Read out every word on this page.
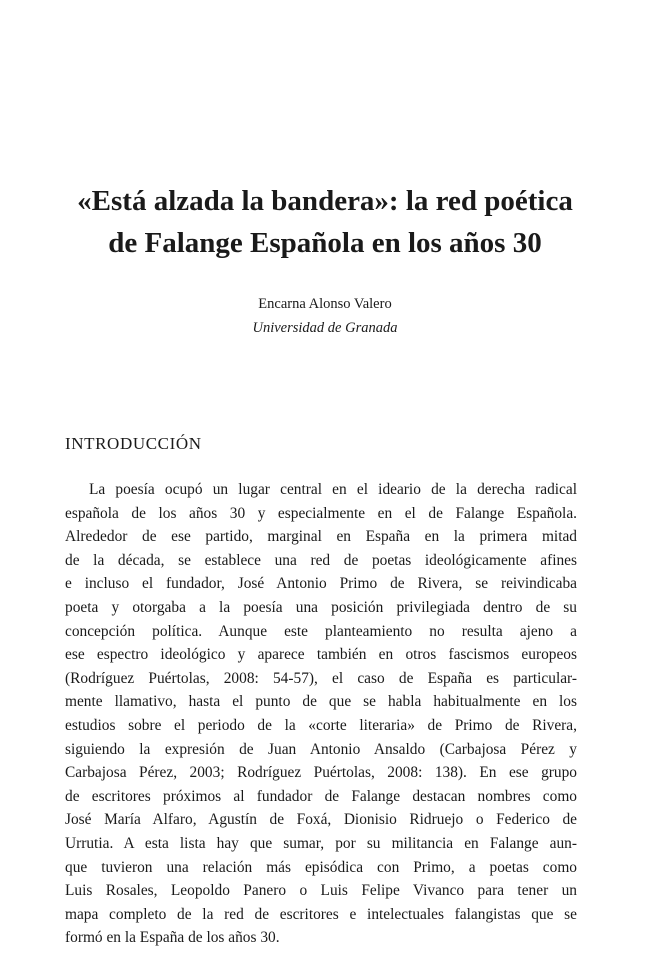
«Está alzada la bandera»: la red poética
de Falange Española en los años 30
Encarna Alonso Valero
Universidad de Granada
INTRODUCCIÓN
La poesía ocupó un lugar central en el ideario de la derecha radical
española de los años 30 y especialmente en el de Falange Española.
Alrededor de ese partido, marginal en España en la primera mitad
de la década, se establece una red de poetas ideológicamente afines
e incluso el fundador, José Antonio Primo de Rivera, se reivindicaba
poeta y otorgaba a la poesía una posición privilegiada dentro de su
concepción política. Aunque este planteamiento no resulta ajeno a
ese espectro ideológico y aparece también en otros fascismos europeos
(Rodríguez Puértolas, 2008: 54-57), el caso de España es particular-
mente llamativo, hasta el punto de que se habla habitualmente en los
estudios sobre el periodo de la «corte literaria» de Primo de Rivera,
siguiendo la expresión de Juan Antonio Ansaldo (Carbajosa Pérez y
Carbajosa Pérez, 2003; Rodríguez Puértolas, 2008: 138). En ese grupo
de escritores próximos al fundador de Falange destacan nombres como
José María Alfaro, Agustín de Foxá, Dionisio Ridruejo o Federico de
Urrutia. A esta lista hay que sumar, por su militancia en Falange aun-
que tuvieron una relación más episódica con Primo, a poetas como
Luis Rosales, Leopoldo Panero o Luis Felipe Vivanco para tener un
mapa completo de la red de escritores e intelectuales falangistas que se
formó en la España de los años 30.
